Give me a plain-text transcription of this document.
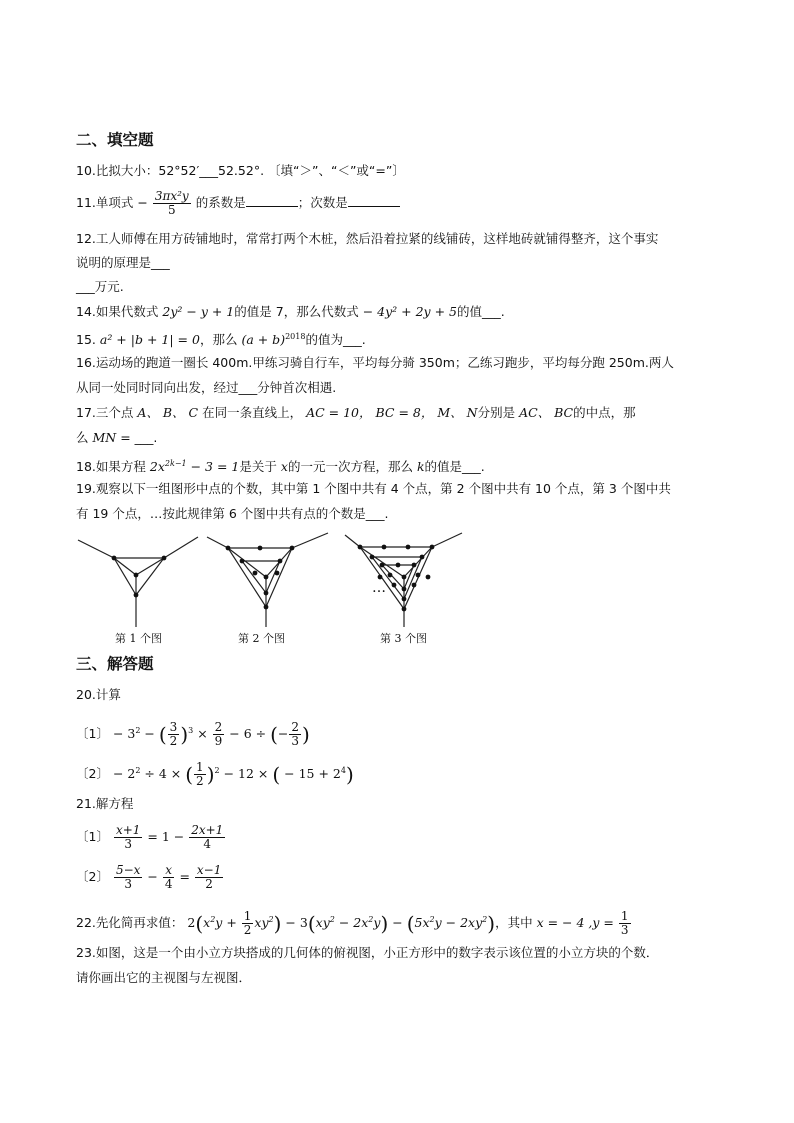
二、填空题
10.比拟大小：52°52′___52.52°. 〔填“＞”、“＜”或“=”〕
11.单项式 − $\frac{\text{3πx²y}}{5}$ 的系数是	；次数是
12.工人师傅在用方砖铺地时，常常打两个木桩，然后沿着拉紧的线铺砖，这样地砖就铺得整齐，这个事实
说明的原理是___
___万元.
14.如果代数式 2y² − y + 1的值是 7，那么代数式 − 4y² + 2y + 5的值___.
15. a² + |b + 1| = 0，那么 $(a + b)^{2018}$的值为___.
16.运动场的跑道一圈长 400m.甲练习骑自行车，平均每分骑 350m；乙练习跑步，平均每分跑 250m.两人
从同一处同时同向出发，经过___分钟首次相遇.
17.三个点 A、 B、 C 在同一条直线上， AC = 10， BC = 8， M、 N分别是 AC、 BC的中点，那
么 MN = ___.
18.如果方程 $2x^{2k-1} - 3 = 1$是关于 x的一元一次方程，那么 k的值是___.
19.观察以下一组图形中点的个数，其中第 1 个图中共有 4 个点，第 2 个图中共有 10 个点，第 3 个图中共
有 19 个点，…按此规律第 6 个图中共有点的个数是___.
…
第 1 个图	第 2 个图	第 3 个图
三、解答题
20.计算
〔1〕 − $3^2$ − ( $\frac{3}{2} )^3 \times \frac{2}{9} - 6$ ÷ (− $\frac{2}{3}$ )
〔2〕 − $2^2 \div 4$ × ( $\frac{1}{2} )^2 - 12$ × ( − $15 + 2^4$)
21.解方程
〔1〕 $\frac{x+1}{3} = 1 - \frac{2x+1}{4}$
〔2〕 $\frac{5-x}{3} - \frac{x}{4} = \frac{x-1}{2}$
22.先化简再求值： $2(x^2y + \frac{1}{2} xy^2) - 3(xy^2 - 2x^2y) - (5x^2y - 2xy^2)$，其中 x = − 4 $,y = \frac{1}{3}$
23.如图，这是一个由小立方块搭成的几何体的俯视图，小正方形中的数字表示该位置的小立方块的个数．
请你画出它的主视图与左视图．
